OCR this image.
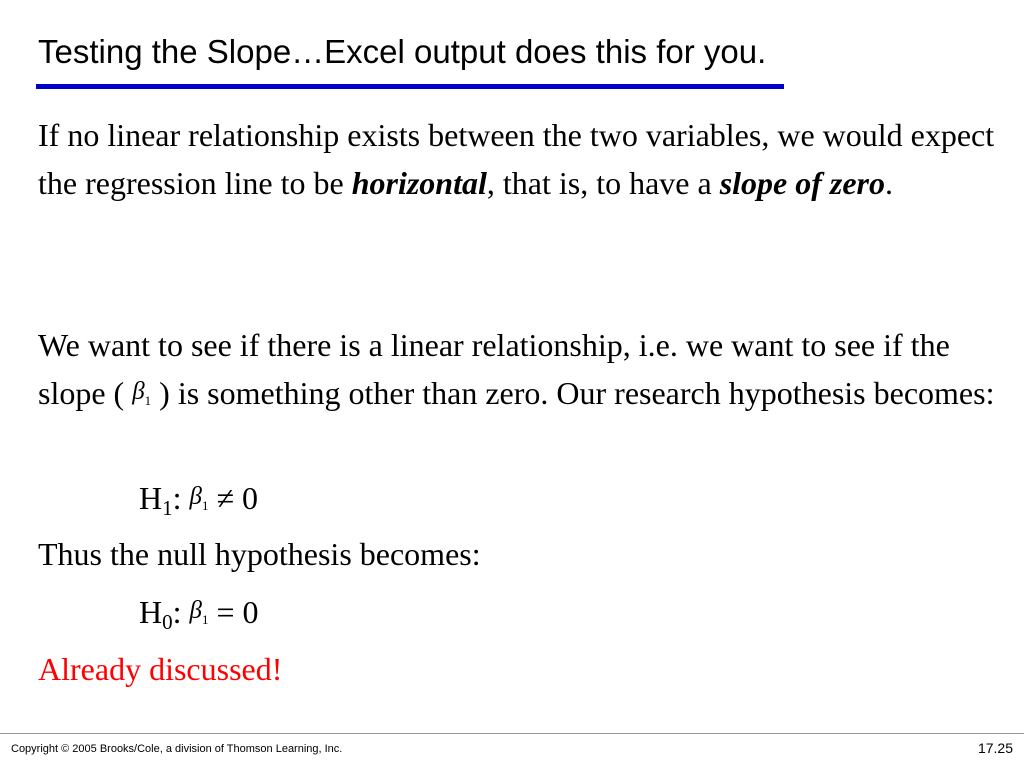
Testing the Slope…Excel output does this for you.

If no linear relationship exists between the two variables, we would expect the regression line to be horizontal, that is, to have a slope of zero.

We want to see if there is a linear relationship, i.e. we want to see if the slope ( $\beta_1$ ) is something other than zero. Our research hypothesis becomes:

$H_1$: $\beta_1 \ne 0$
Thus the null hypothesis becomes:
$H_0$: $\beta_1 = 0$
Already discussed!
Copyright © 2005 Brooks/Cole, a division of Thomson Learning, Inc.	17.25
